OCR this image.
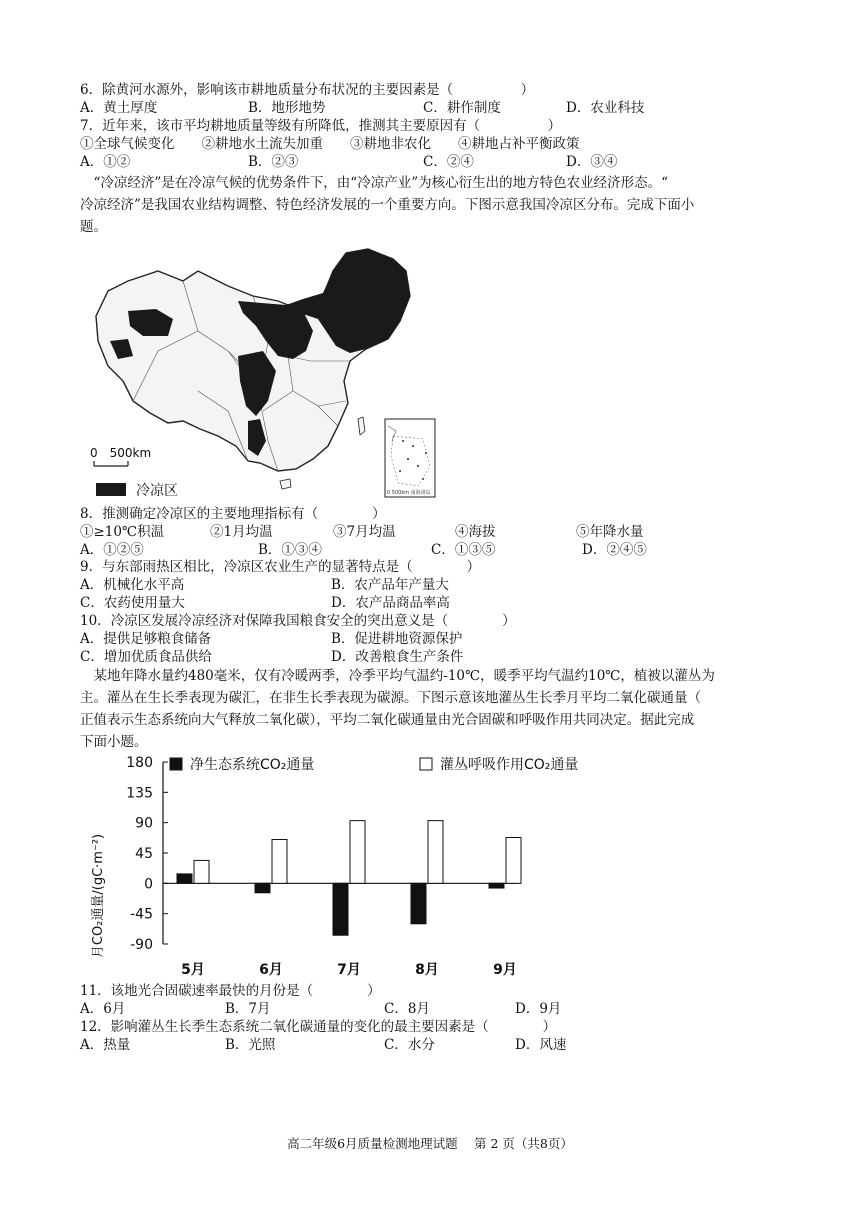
6．除黄河水源外，影响该市耕地质量分布状况的主要因素是（　　　　　）
A．黄土厚度	B．地形地势	C．耕作制度	D．农业科技
7．近年来，该市平均耕地质量等级有所降低，推测其主要原因有（　　　　　）
①全球气候变化　　②耕地水土流失加重　　③耕地非农化　　④耕地占补平衡政策
A．①②	B．②③	C．②④	D．③④
　“冷凉经济”是在冷凉气候的优势条件下，由“冷凉产业”为核心衍生出的地方特色农业经济形态。“
冷凉经济”是我国农业结构调整、特色经济发展的一个重要方向。下图示意我国冷凉区分布。完成下面小
题。
0　500km
冷凉区	0 500km 南海诸岛
8．推测确定冷凉区的主要地理指标有（　　　　）
①≥10℃积温	②1月均温	③7月均温	④海拔	⑤年降水量
A．①②⑤	B．①③④	C．①③⑤	D．②④⑤
9．与东部雨热区相比，冷凉区农业生产的显著特点是（　　　　）
A．机械化水平高	B．农产品年产量大
C．农药使用量大	D．农产品商品率高
10．冷凉区发展冷凉经济对保障我国粮食安全的突出意义是（　　　　）
A．提供足够粮食储备	B．促进耕地资源保护
C．增加优质食品供给	D．改善粮食生产条件
　某地年降水量约480毫米，仅有冷暖两季，冷季平均气温约-10℃，暖季平均气温约10℃，植被以灌丛为
主。灌丛在生长季表现为碳汇，在非生长季表现为碳源。下图示意该地灌丛生长季月平均二氧化碳通量（
正值表示生态系统向大气释放二氧化碳），平均二氧化碳通量由光合固碳和呼吸作用共同决定。据此完成
下面小题。
月CO₂通量/(gC·m⁻²)
180
135
90
45
0
-45
-90
5月	6月	7月	8月	9月
净生态系统CO₂通量	灌丛呼吸作用CO₂通量
11．该地光合固碳速率最快的月份是（　　　　）
A．6月	B．7月	C．8月	D．9月
12．影响灌丛生长季生态系统二氧化碳通量的变化的最主要因素是（　　　　）
A．热量	B．光照	C．水分	D．风速
高二年级6月质量检测地理试题　 第 2 页（共8页）
